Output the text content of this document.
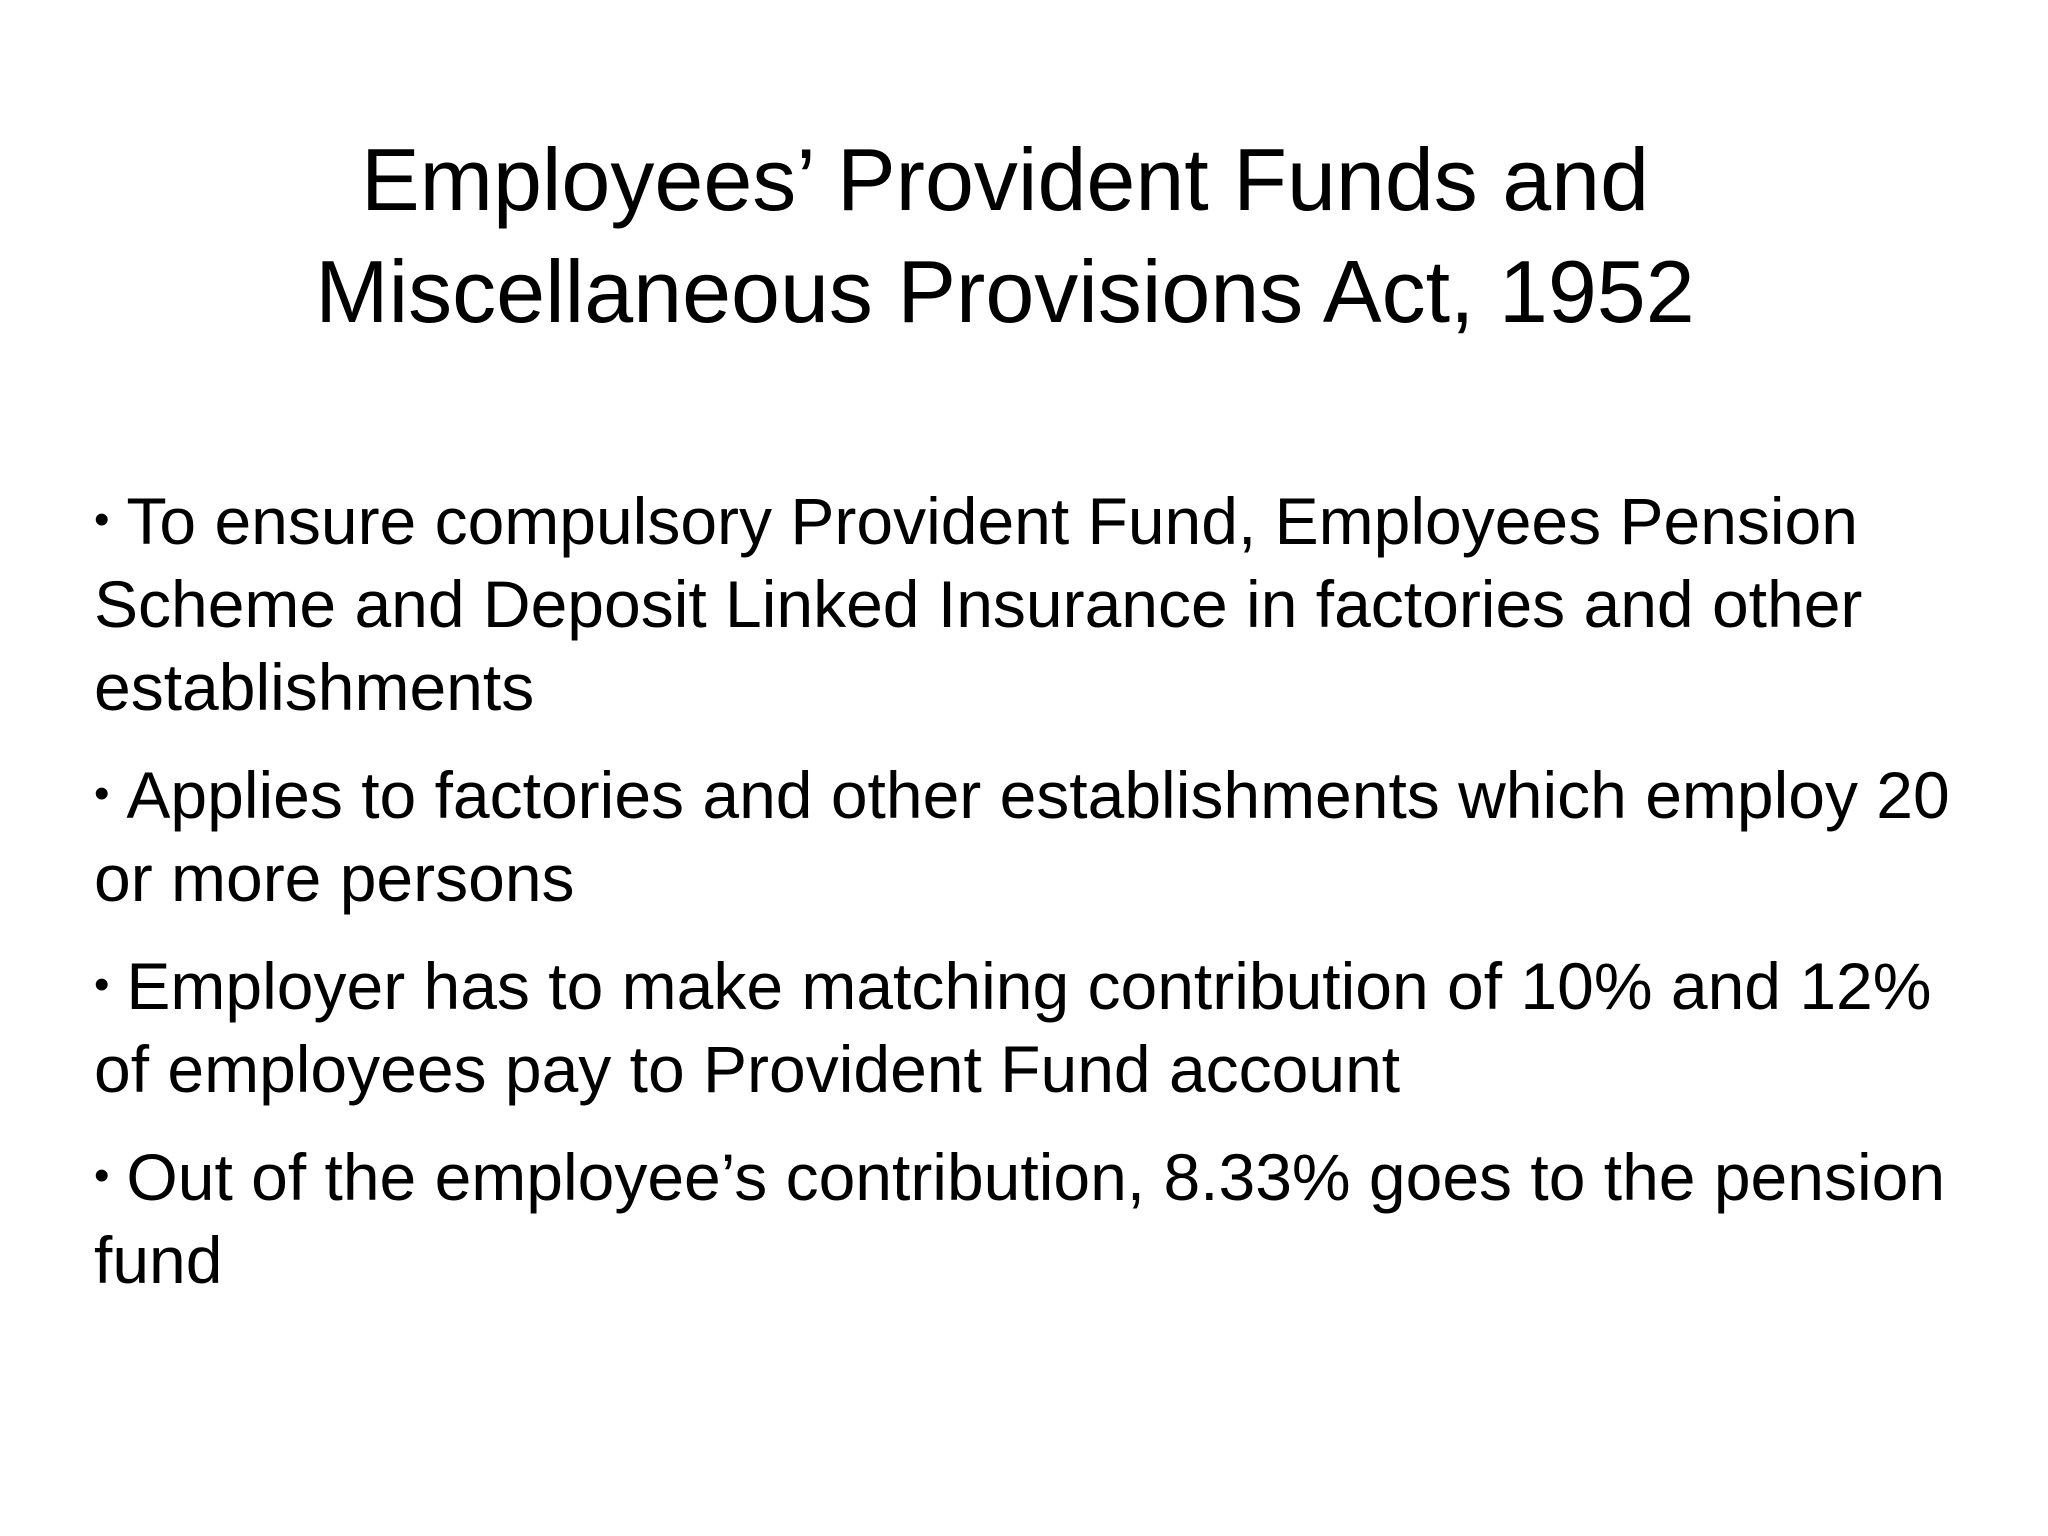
Employees’ Provident Funds and
Miscellaneous Provisions Act, 1952
• To ensure compulsory Provident Fund, Employees Pension Scheme and Deposit Linked Insurance in factories and other establishments
• Applies to factories and other establishments which employ 20 or more persons
• Employer has to make matching contribution of 10% and 12% of employees pay to Provident Fund account
• Out of the employee’s contribution, 8.33% goes to the pension fund
